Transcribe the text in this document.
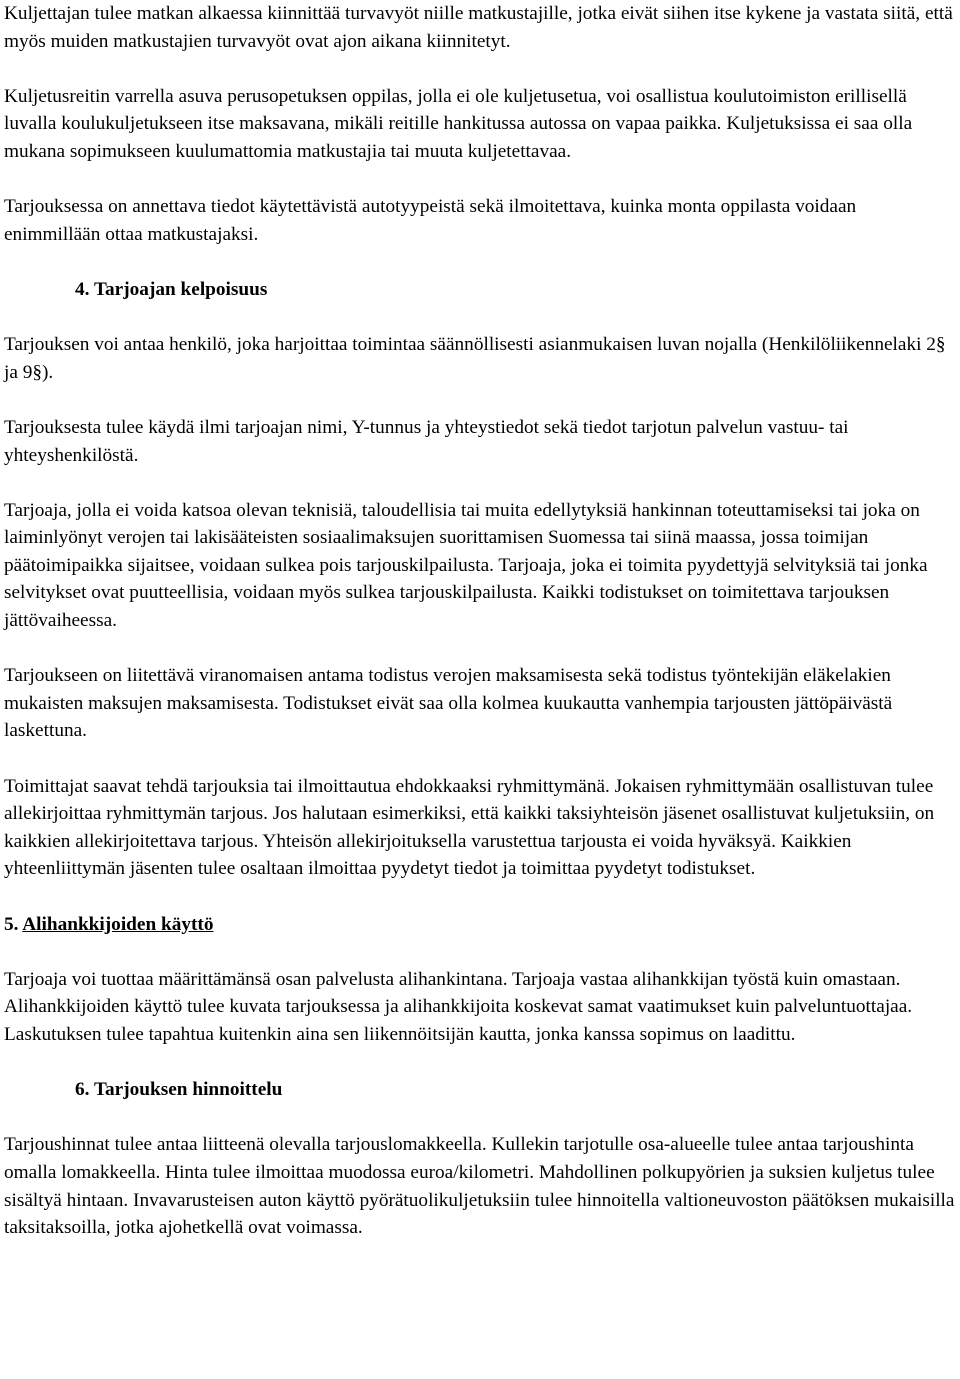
Kuljettajan tulee matkan alkaessa kiinnittää turvavyöt niille matkustajille, jotka eivät siihen itse kykene ja vastata siitä, että myös muiden matkustajien turvavyöt ovat ajon aikana kiinnitetyt.

Kuljetusreitin varrella asuva perusopetuksen oppilas, jolla ei ole kuljetusetua, voi osallistua koulutoimiston erillisellä luvalla koulukuljetukseen itse maksavana, mikäli reitille hankitussa autossa on vapaa paikka. Kuljetuksissa ei saa olla mukana sopimukseen kuulumattomia matkustajia tai muuta kuljetettavaa.

Tarjouksessa on annettava tiedot käytettävistä autotyypeistä sekä ilmoitettava, kuinka monta oppilasta voidaan enimmillään ottaa matkustajaksi.

4. Tarjoajan kelpoisuus

Tarjouksen voi antaa henkilö, joka harjoittaa toimintaa säännöllisesti asianmukaisen luvan nojalla (Henkilöliikennelaki 2§ ja 9§).

Tarjouksesta tulee käydä ilmi tarjoajan nimi, Y-tunnus ja yhteystiedot sekä tiedot tarjotun palvelun vastuu- tai yhteyshenkilöstä.

Tarjoaja, jolla ei voida katsoa olevan teknisiä, taloudellisia tai muita edellytyksiä hankinnan toteuttamiseksi tai joka on laiminlyönyt verojen tai lakisääteisten sosiaalimaksujen suorittamisen Suomessa tai siinä maassa, jossa toimijan päätoimipaikka sijaitsee, voidaan sulkea pois tarjouskilpailusta. Tarjoaja, joka ei toimita pyydettyjä selvityksiä tai jonka selvitykset ovat puutteellisia, voidaan myös sulkea tarjouskilpailusta. Kaikki todistukset on toimitettava tarjouksen jättövaiheessa.

Tarjoukseen on liitettävä viranomaisen antama todistus verojen maksamisesta sekä todistus työntekijän eläkelakien mukaisten maksujen maksamisesta. Todistukset eivät saa olla kolmea kuukautta vanhempia tarjousten jättöpäivästä laskettuna.

Toimittajat saavat tehdä tarjouksia tai ilmoittautua ehdokkaaksi ryhmittymänä. Jokaisen ryhmittymään osallistuvan tulee allekirjoittaa ryhmittymän tarjous. Jos halutaan esimerkiksi, että kaikki taksiyhteisön jäsenet osallistuvat kuljetuksiin, on kaikkien allekirjoitettava tarjous. Yhteisön allekirjoituksella varustettua tarjousta ei voida hyväksyä. Kaikkien yhteenliittymän jäsenten tulee osaltaan ilmoittaa pyydetyt tiedot ja toimittaa pyydetyt todistukset.

5. Alihankkijoiden käyttö

Tarjoaja voi tuottaa määrittämänsä osan palvelusta alihankintana. Tarjoaja vastaa alihankkijan työstä kuin omastaan. Alihankkijoiden käyttö tulee kuvata tarjouksessa ja alihankkijoita koskevat samat vaatimukset kuin palveluntuottajaa. Laskutuksen tulee tapahtua kuitenkin aina sen liikennöitsijän kautta, jonka kanssa sopimus on laadittu.

6. Tarjouksen hinnoittelu

Tarjoushinnat tulee antaa liitteenä olevalla tarjouslomakkeella. Kullekin tarjotulle osa-alueelle tulee antaa tarjoushinta omalla lomakkeella. Hinta tulee ilmoittaa muodossa euroa/kilometri. Mahdollinen polkupyörien ja suksien kuljetus tulee sisältyä hintaan. Invavarusteisen auton käyttö pyörätuolikuljetuksiin tulee hinnoitella valtioneuvoston päätöksen mukaisilla taksitaksoilla, jotka ajohetkellä ovat voimassa.
